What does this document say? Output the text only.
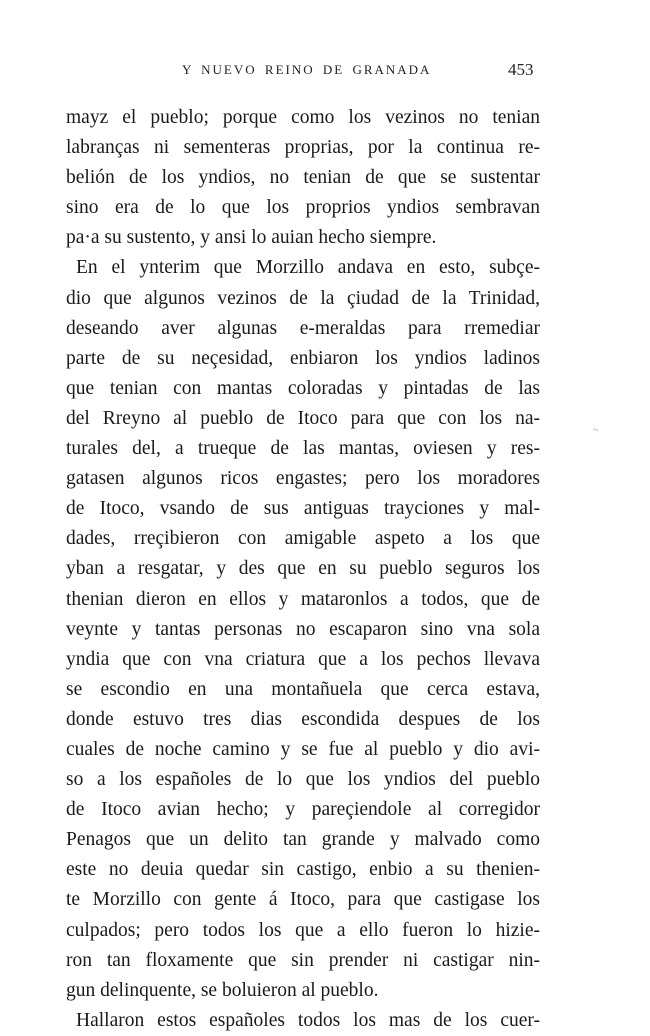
Y NUEVO REINO DE GRANADA	453
mayz el pueblo; porque como los vezinos no tenian
labranças ni sementeras proprias, por la continua re-
belión de los yndios, no tenian de que se sustentar
sino era de lo que los proprios yndios sembravan
pa·a su sustento, y ansi lo auian hecho siempre.
En el ynterim que Morzillo andava en esto, subçe-
dio que algunos vezinos de la çiudad de la Trinidad,
deseando aver algunas e-meraldas para rremediar
parte de su neçesidad, enbiaron los yndios ladinos
que tenian con mantas coloradas y pintadas de las
del Rreyno al pueblo de Itoco para que con los na-
turales del, a trueque de las mantas, oviesen y res-
gatasen algunos ricos engastes; pero los moradores
de Itoco, vsando de sus antiguas trayciones y mal-
dades, rreçibieron con amigable aspeto a los que
yban a resgatar, y des que en su pueblo seguros los
thenian dieron en ellos y mataronlos a todos, que de
veynte y tantas personas no escaparon sino vna sola
yndia que con vna criatura que a los pechos llevava
se escondio en una montañuela que cerca estava,
donde estuvo tres dias escondida despues de los
cuales de noche camino y se fue al pueblo y dio avi-
so a los españoles de lo que los yndios del pueblo
de Itoco avian hecho; y pareçiendole al corregidor
Penagos que un delito tan grande y malvado como
este no deuia quedar sin castigo, enbio a su thenien-
te Morzillo con gente á Itoco, para que castigase los
culpados; pero todos los que a ello fueron lo hizie-
ron tan floxamente que sin prender ni castigar nin-
gun delinquente, se boluieron al pueblo.
Hallaron estos españoles todos los mas de los cuer-
~
